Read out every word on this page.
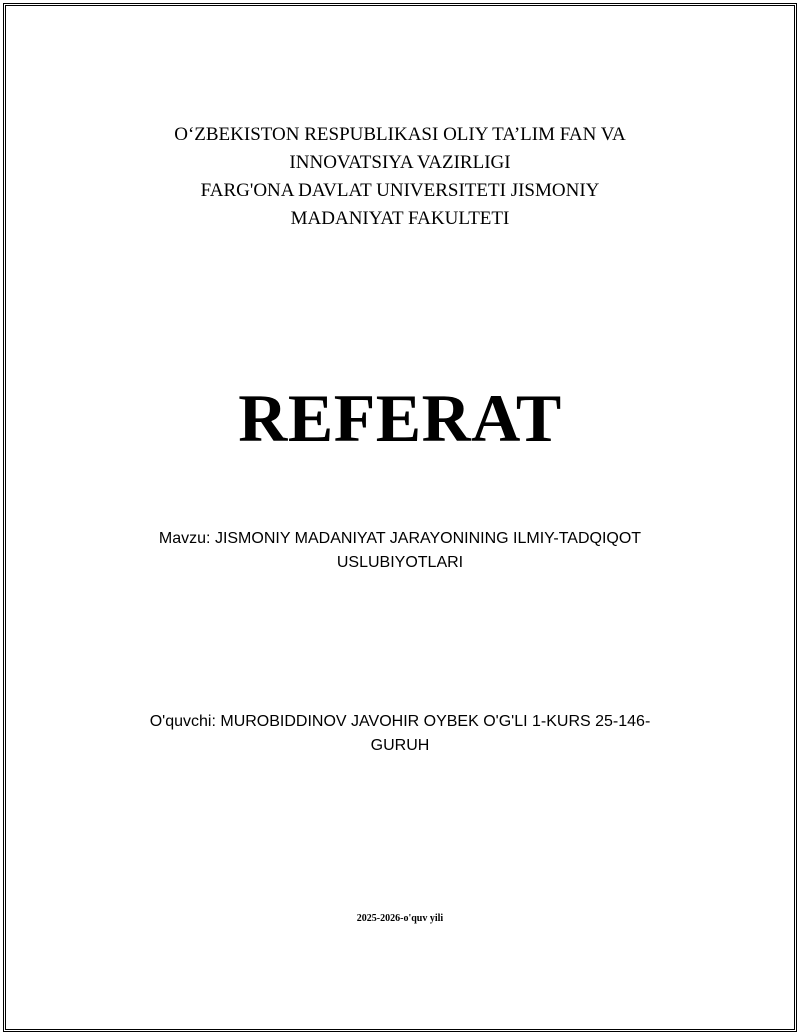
O‘ZBEKISTON RESPUBLIKASI OLIY TA’LIM FAN VA
INNOVATSIYA VAZIRLIGI
FARG'ONA DAVLAT UNIVERSITETI JISMONIY
MADANIYAT FAKULTETI
REFERAT
Mavzu: JISMONIY MADANIYAT JARAYONINING ILMIY-TADQIQOT
USLUBIYOTLARI
O'quvchi: MUROBIDDINOV JAVOHIR OYBEK O'G'LI 1-KURS 25-146-
GURUH
2025-2026-o'quv yili
